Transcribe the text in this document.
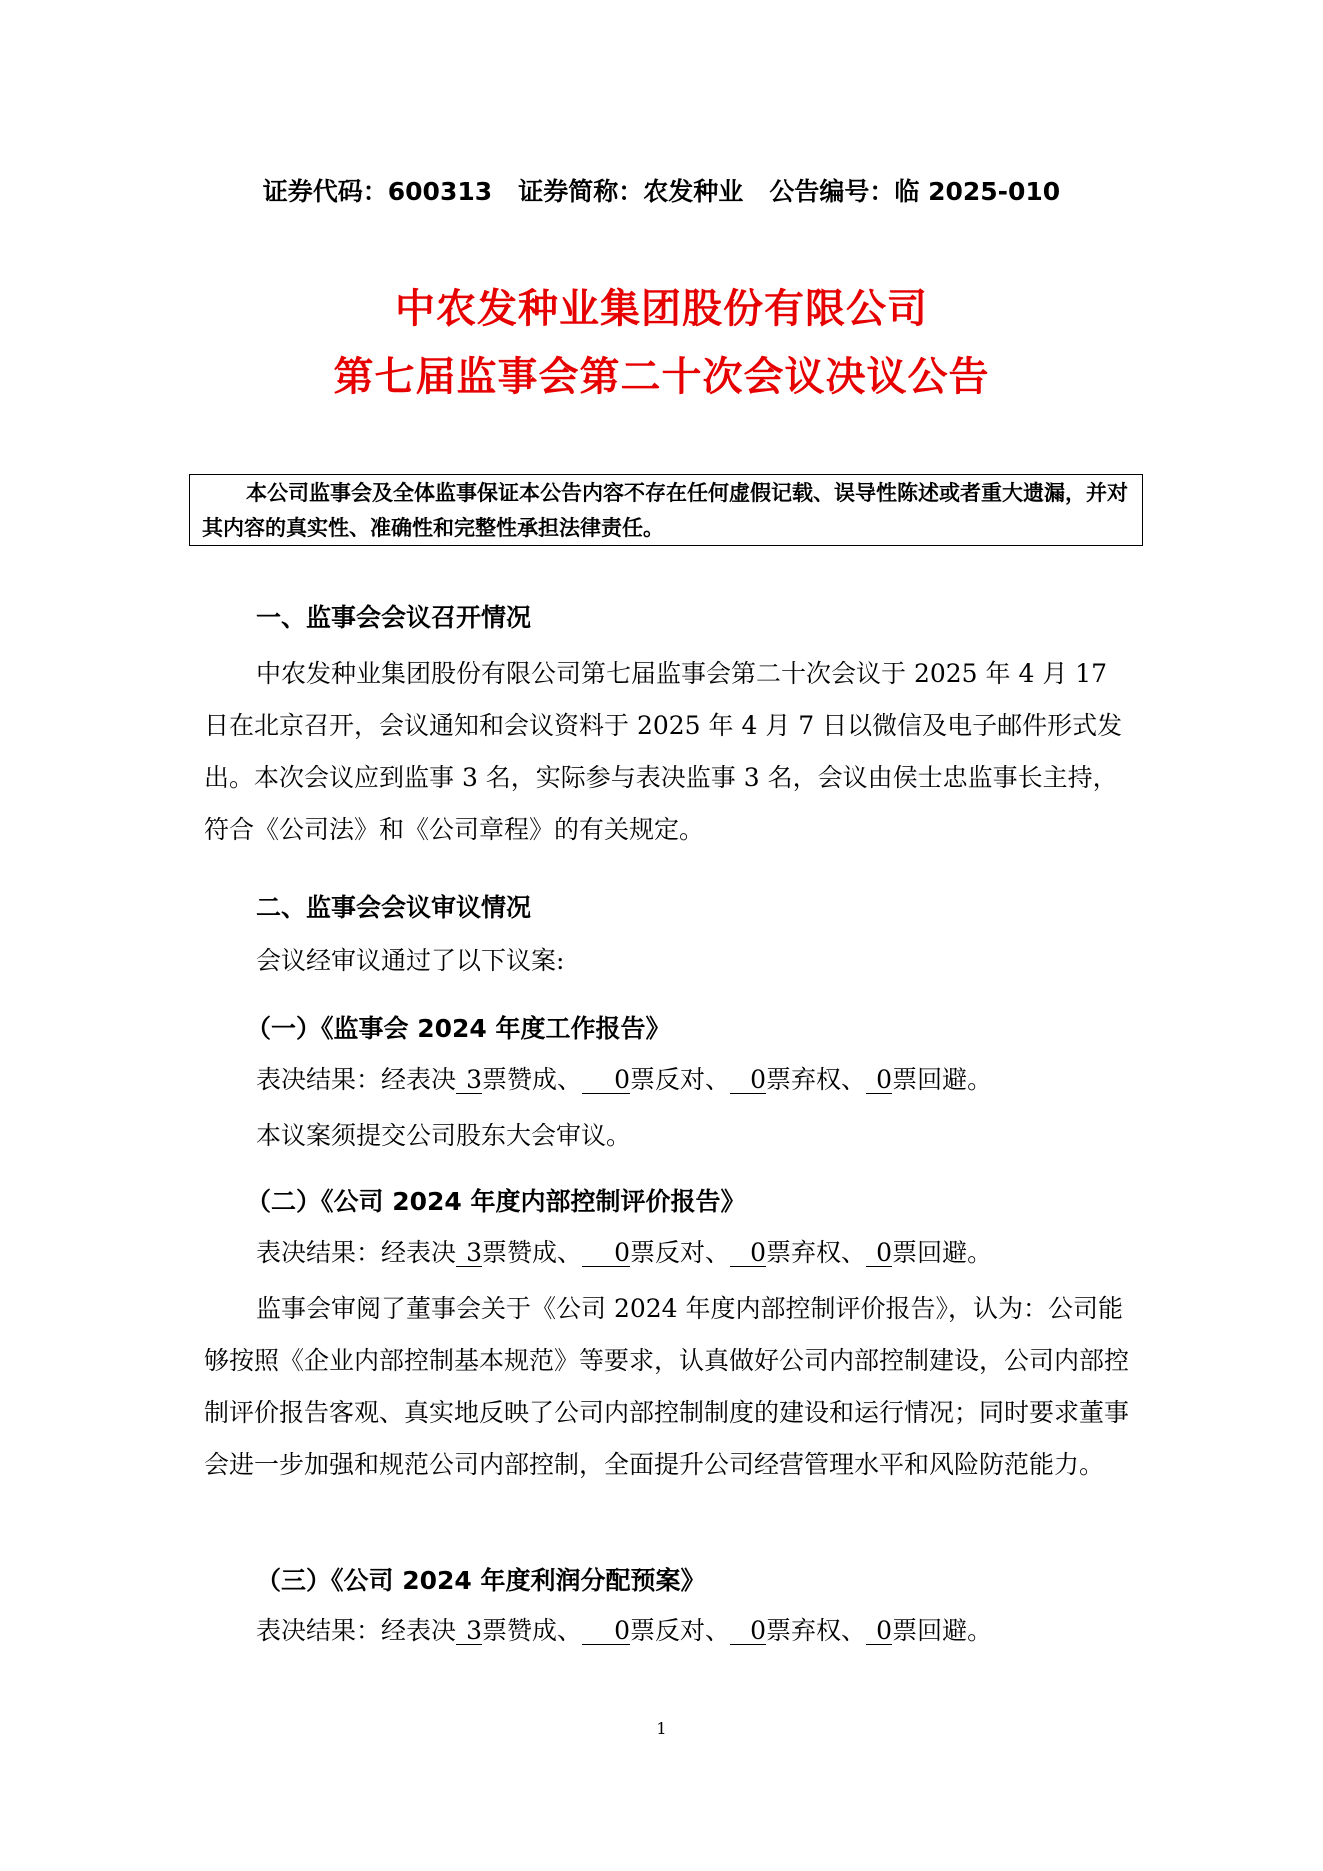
证券代码：600313   证券简称：农发种业   公告编号：临 2025-010
中农发种业集团股份有限公司
第七届监事会第二十次会议决议公告
本公司监事会及全体监事保证本公告内容不存在任何虚假记载、误导性陈述或者重大遗漏，并对其内容的真实性、准确性和完整性承担法律责任。
一、监事会会议召开情况
中农发种业集团股份有限公司第七届监事会第二十次会议于 2025 年 4 月 17 日在北京召开，会议通知和会议资料于 2025 年 4 月 7 日以微信及电子邮件形式发出。本次会议应到监事 3 名，实际参与表决监事 3 名，会议由侯士忠监事长主持，符合《公司法》和《公司章程》的有关规定。
二、监事会会议审议情况
会议经审议通过了以下议案:
（一）《监事会 2024 年度工作报告》
表决结果：经表决 3票赞成、 0票反对、 0票弃权、 0票回避。
本议案须提交公司股东大会审议。
（二）《公司 2024 年度内部控制评价报告》
表决结果：经表决 3票赞成、 0票反对、 0票弃权、 0票回避。
监事会审阅了董事会关于《公司 2024 年度内部控制评价报告》，认为：公司能够按照《企业内部控制基本规范》等要求，认真做好公司内部控制建设，公司内部控制评价报告客观、真实地反映了公司内部控制制度的建设和运行情况；同时要求董事会进一步加强和规范公司内部控制，全面提升公司经营管理水平和风险防范能力。
（三）《公司 2024 年度利润分配预案》
表决结果：经表决 3票赞成、 0票反对、 0票弃权、 0票回避。
1
